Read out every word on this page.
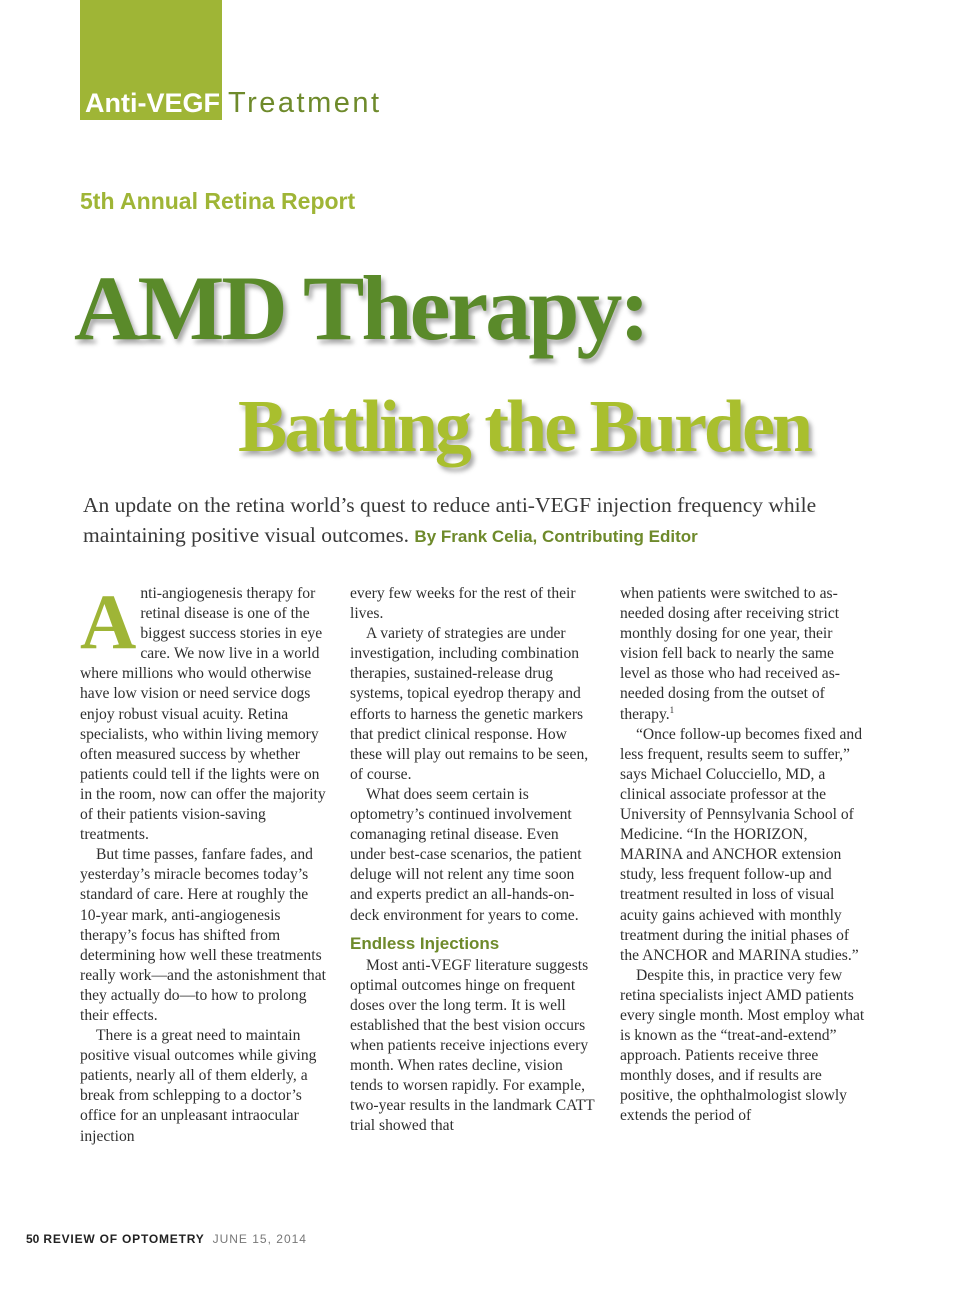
Anti-VEGF Treatment
5th Annual Retina Report
AMD Therapy:
Battling the Burden
An update on the retina world’s quest to reduce anti-VEGF injection frequency while maintaining positive visual outcomes. By Frank Celia, Contributing Editor

Anti-angiogenesis therapy for retinal disease is one of the biggest success stories in eye care. We now live in a world where millions who would otherwise have low vision or need service dogs enjoy robust visual acuity. Retina specialists, who within living memory often measured success by whether patients could tell if the lights were on in the room, now can offer the majority of their patients vision-saving treatments.

But time passes, fanfare fades, and yesterday’s miracle becomes today’s standard of care. Here at roughly the 10-year mark, anti-angiogenesis therapy’s focus has shifted from determining how well these treatments really work—and the astonishment that they actually do—to how to prolong their effects.

There is a great need to maintain positive visual outcomes while giving patients, nearly all of them elderly, a break from schlepping to a doctor’s office for an unpleasant intraocular injection

every few weeks for the rest of their lives.

A variety of strategies are under investigation, including combination therapies, sustained-release drug systems, topical eyedrop therapy and efforts to harness the genetic markers that predict clinical response. How these will play out remains to be seen, of course.

What does seem certain is optometry’s continued involvement comanaging retinal disease. Even under best-case scenarios, the patient deluge will not relent any time soon and experts predict an all-hands-on-deck environment for years to come.

Endless Injections

Most anti-VEGF literature suggests optimal outcomes hinge on frequent doses over the long term. It is well established that the best vision occurs when patients receive injections every month. When rates decline, vision tends to worsen rapidly. For example, two-year results in the landmark CATT trial showed that

when patients were switched to as-needed dosing after receiving strict monthly dosing for one year, their vision fell back to nearly the same level as those who had received as-needed dosing from the outset of therapy.$^1$

“Once follow-up becomes fixed and less frequent, results seem to suffer,” says Michael Colucciello, MD, a clinical associate professor at the University of Pennsylvania School of Medicine. “In the HORIZON, MARINA and ANCHOR extension study, less frequent follow-up and treatment resulted in loss of visual acuity gains achieved with monthly treatment during the initial phases of the ANCHOR and MARINA studies.”

Despite this, in practice very few retina specialists inject AMD patients every single month. Most employ what is known as the “treat-and-extend” approach. Patients receive three monthly doses, and if results are positive, the ophthalmologist slowly extends the period of

50 REVIEW OF OPTOMETRY JUNE 15, 2014
